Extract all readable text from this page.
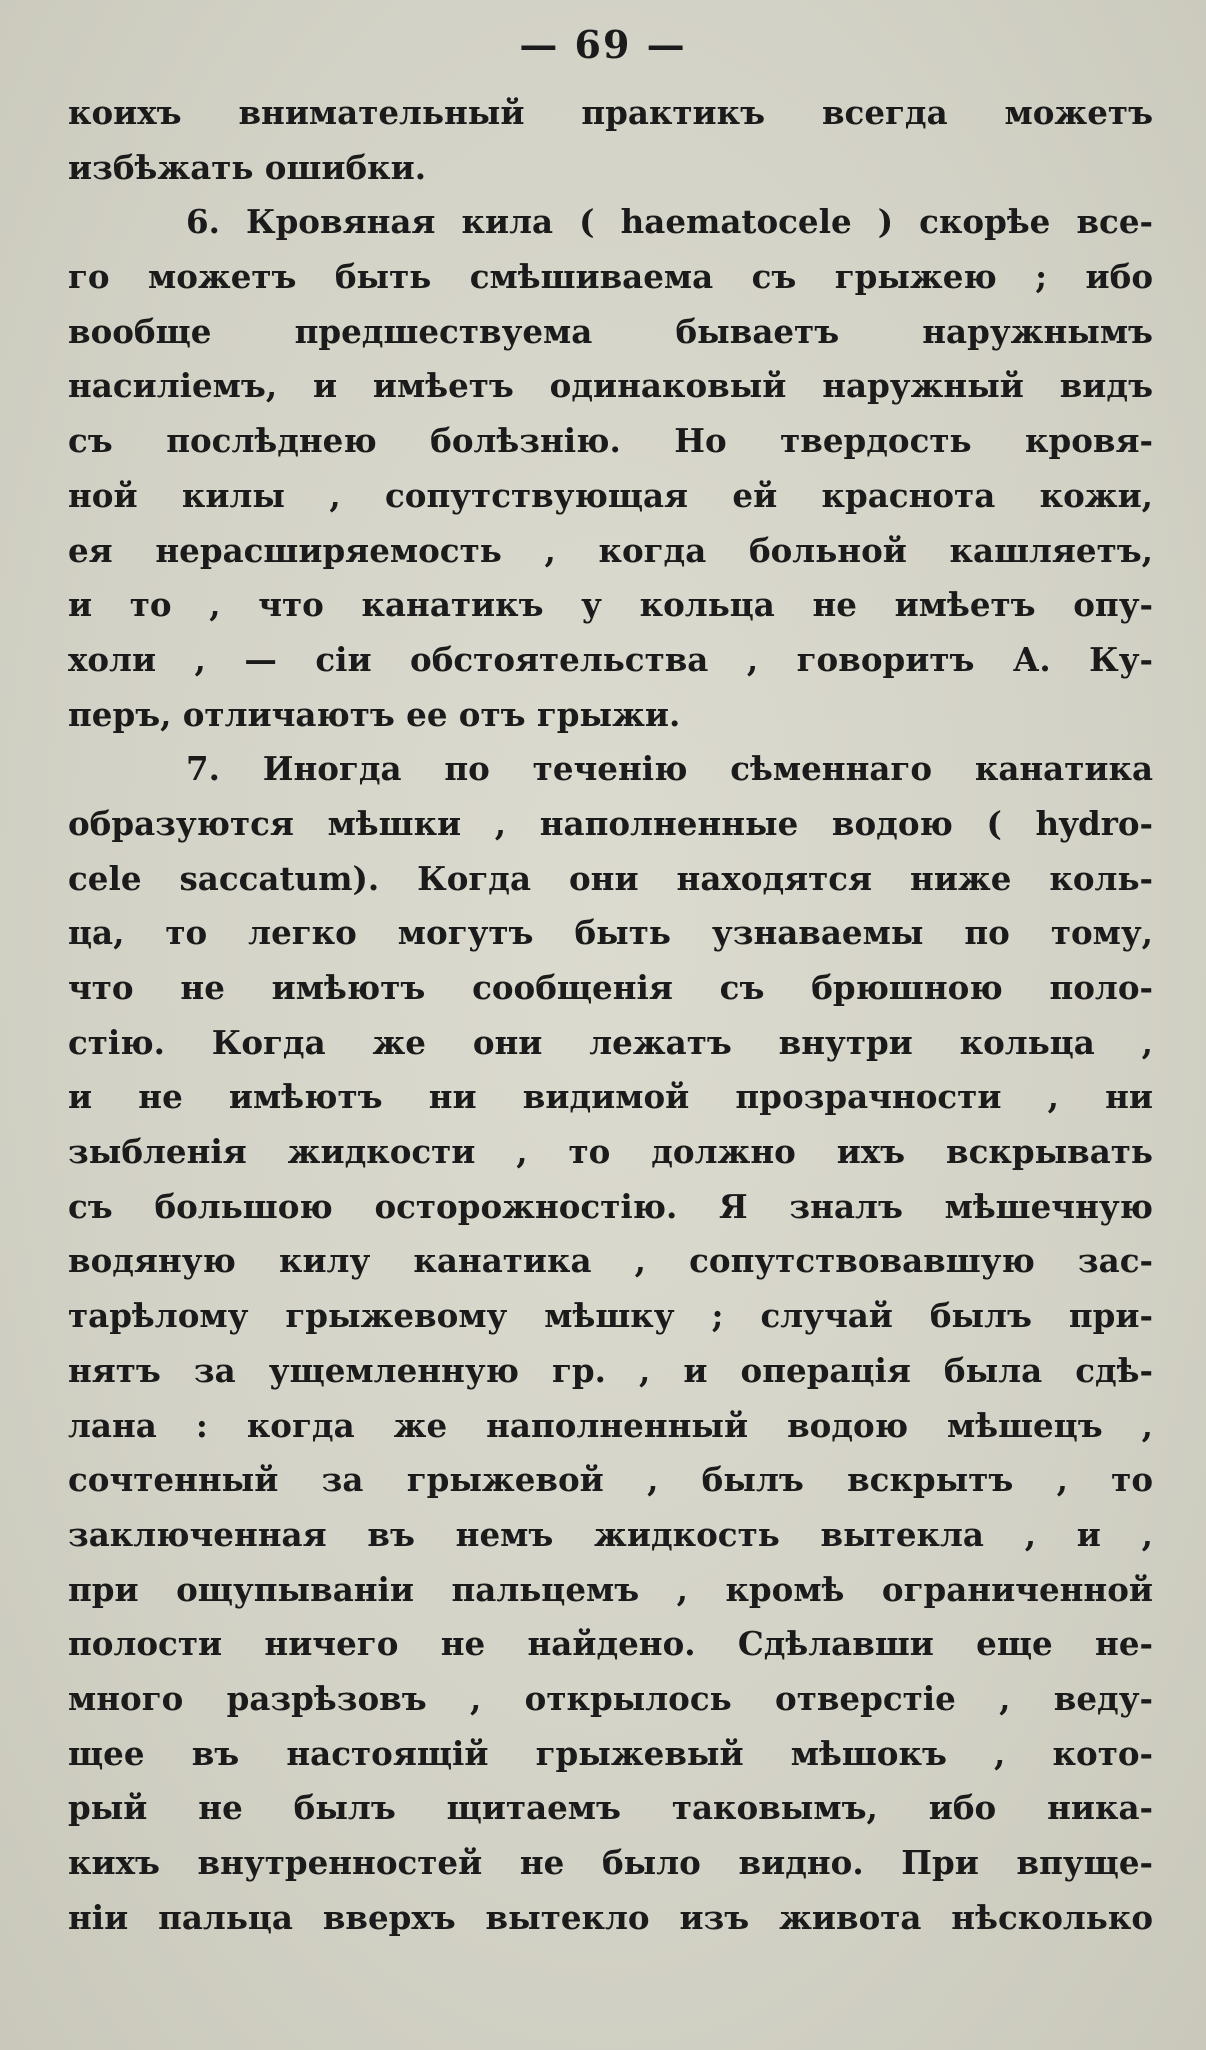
— 69 —
коихъ внимательный практикъ всегда можетъ
избѣжать ошибки.
6. Кровяная кила ( haematocele ) скорѣе все-
го можетъ быть смѣшиваема съ грыжею ; ибо
вообще предшествуема бываетъ наружнымъ
насиліемъ, и имѣетъ одинаковый наружный видъ
съ послѣднею болѣзнію. Но твердость кровя-
ной килы , сопутствующая ей краснота кожи,
ея нерасширяемость , когда больной кашляетъ,
и то , что канатикъ у кольца не имѣетъ опу-
холи , — сіи обстоятельства , говоритъ А. Ку-
перъ, отличаютъ ее отъ грыжи.
7. Иногда по теченію сѣменнаго канатика
образуются мѣшки , наполненные водою ( hydro-
cele saccatum). Когда они находятся ниже коль-
ца, то легко могутъ быть узнаваемы по тому,
что не имѣютъ сообщенія съ брюшною поло-
стію. Когда же они лежатъ внутри кольца ,
и не имѣютъ ни видимой прозрачности , ни
зыбленія жидкости , то должно ихъ вскрывать
съ большою осторожностію. Я зналъ мѣшечную
водяную килу канатика , сопутствовавшую зас-
тарѣлому грыжевому мѣшку ; случай былъ при-
нятъ за ущемленную гр. , и операція была сдѣ-
лана : когда же наполненный водою мѣшецъ ,
сочтенный за грыжевой , былъ вскрытъ , то
заключенная въ немъ жидкость вытекла , и ,
при ощупываніи пальцемъ , кромѣ ограниченной
полости ничего не найдено. Сдѣлавши еще не-
много разрѣзовъ , открылось отверстіе , веду-
щее въ настоящій грыжевый мѣшокъ , кото-
рый не былъ щитаемъ таковымъ, ибо никa-
кихъ внутренностей не было видно. При впуще-
ніи пальца вверхъ вытекло изъ живота нѣсколько
